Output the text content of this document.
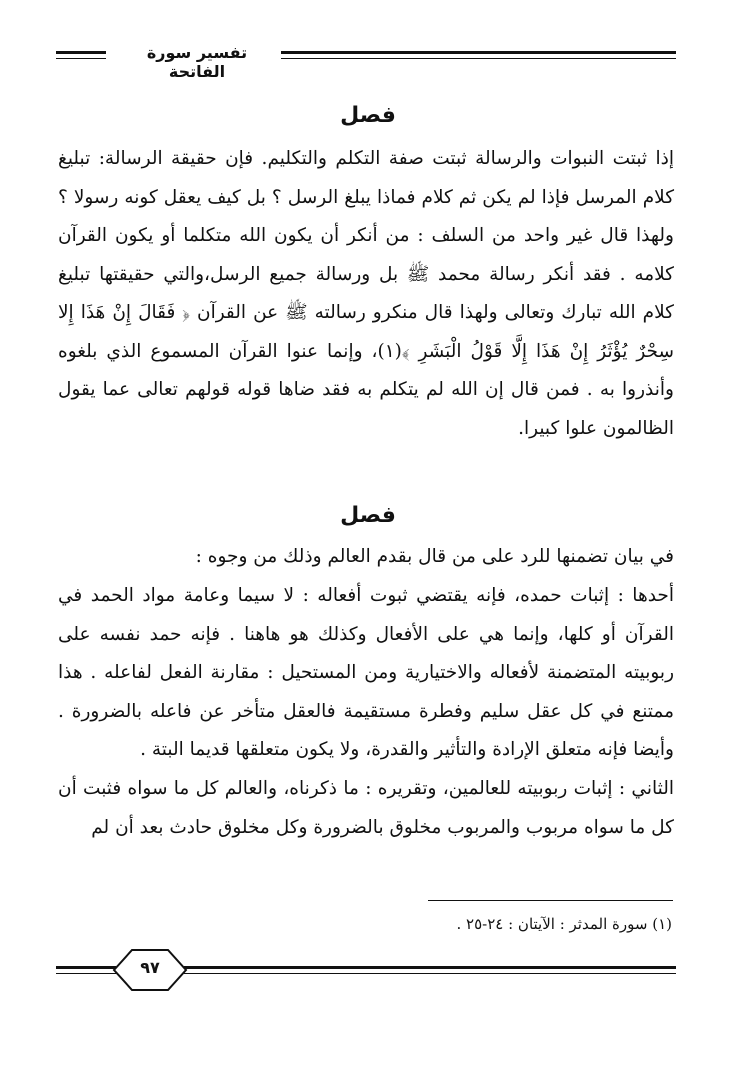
تفسير سورة الفاتحة
فصل
إذا ثبتت النبوات والرسالة ثبتت صفة التكلم والتكليم. فإن حقيقة الرسالة: تبليغ كلام المرسل فإذا لم يكن ثم كلام فماذا يبلغ الرسل ؟ بل كيف يعقل كونه رسولا ؟ ولهذا قال غير واحد من السلف : من أنكر أن يكون الله متكلما أو يكون القرآن كلامه . فقد أنكر رسالة محمد ﷺ بل ورسالة جميع الرسل،والتي حقيقتها تبليغ كلام الله تبارك وتعالى ولهذا قال منكرو رسالته ﷺ عن القرآن ﴿ فَقَالَ إِنْ هَذَا إِلا سِحْرٌ يُؤْثَرُ إِنْ هَذَا إِلَّا قَوْلُ الْبَشَرِ ﴾(١)، وإنما عنوا القرآن المسموع الذي بلغوه وأنذروا به . فمن قال إن الله لم يتكلم به فقد ضاها قوله قولهم تعالى عما يقول الظالمون علوا كبيرا.
فصل
في بيان تضمنها للرد على من قال بقدم العالم وذلك من وجوه :
أحدها : إثبات حمده، فإنه يقتضي ثبوت أفعاله : لا سيما وعامة مواد الحمد في القرآن أو كلها، وإنما هي على الأفعال وكذلك هو هاهنا . فإنه حمد نفسه على ربوبيته المتضمنة لأفعاله والاختيارية ومن المستحيل : مقارنة الفعل لفاعله . هذا ممتنع في كل عقل سليم وفطرة مستقيمة فالعقل متأخر عن فاعله بالضرورة . وأيضا فإنه متعلق الإرادة والتأثير والقدرة، ولا يكون متعلقها قديما البتة .
الثاني : إثبات ربوبيته للعالمين، وتقريره : ما ذكرناه، والعالم كل ما سواه فثبت أن كل ما سواه مربوب والمربوب مخلوق بالضرورة وكل مخلوق حادث بعد أن لم
(١) سورة المدثر : الآيتان : ٢٤-٢٥ .
٩٧
